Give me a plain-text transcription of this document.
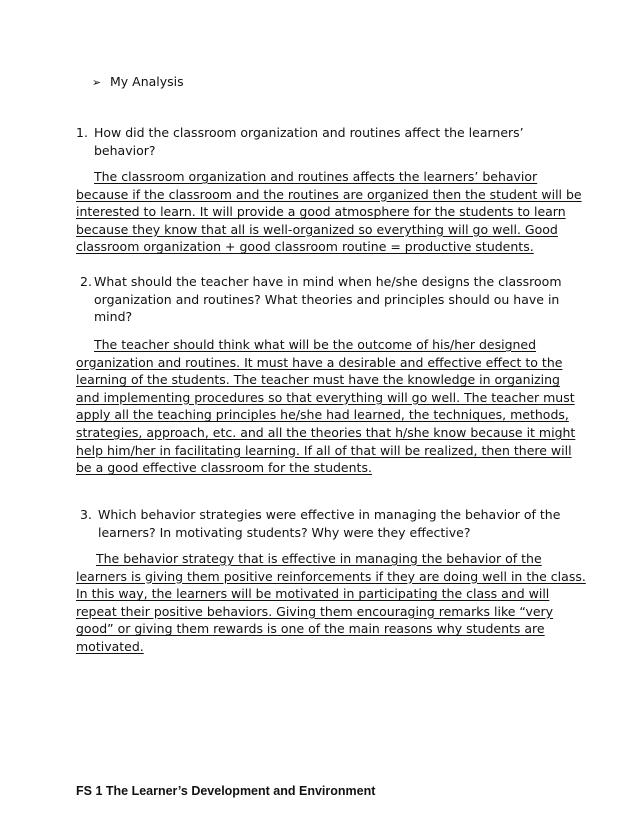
➢ My Analysis
1. How did the classroom organization and routines affect the learners’
behavior?
The classroom organization and routines affects the learners’ behavior
because if the classroom and the routines are organized then the student will be
interested to learn. It will provide a good atmosphere for the students to learn
because they know that all is well-organized so everything will go well. Good
classroom organization + good classroom routine = productive students.
2. What should the teacher have in mind when he/she designs the classroom
organization and routines? What theories and principles should ou have in
mind?
The teacher should think what will be the outcome of his/her designed
organization and routines. It must have a desirable and effective effect to the
learning of the students. The teacher must have the knowledge in organizing
and implementing procedures so that everything will go well. The teacher must
apply all the teaching principles he/she had learned, the techniques, methods,
strategies, approach, etc. and all the theories that h/she know because it might
help him/her in facilitating learning. If all of that will be realized, then there will
be a good effective classroom for the students.
3. Which behavior strategies were effective in managing the behavior of the
learners? In motivating students? Why were they effective?
The behavior strategy that is effective in managing the behavior of the
learners is giving them positive reinforcements if they are doing well in the class.
In this way, the learners will be motivated in participating the class and will
repeat their positive behaviors. Giving them encouraging remarks like “very
good” or giving them rewards is one of the main reasons why students are
motivated.
FS 1 The Learner’s Development and Environment
